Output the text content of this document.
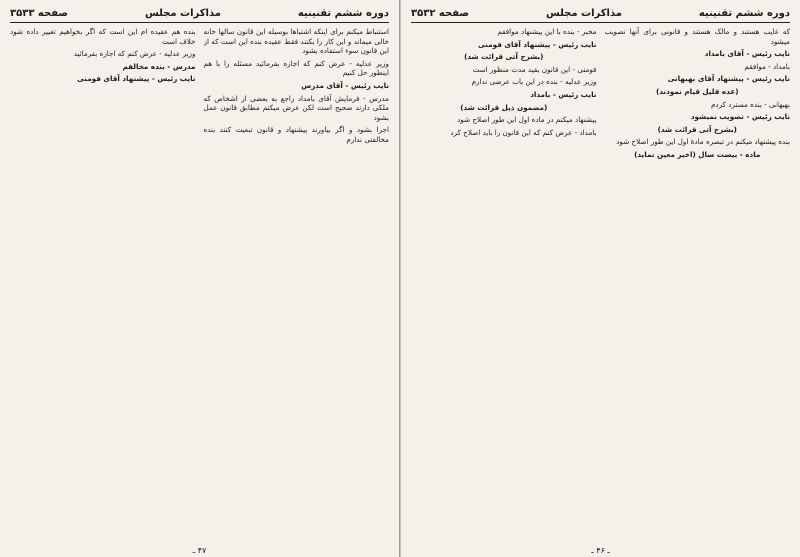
دوره ششم تقنینیه
مذاکرات مجلس
صفحه ۳۵۳۳

استنباط میکنم برای اینکه اشتباها بوسیله این قانون سالها خانه خالی میماند و این کار را بکنند فقط عقیده بنده این است که از این قانون سوء استفاده بشود

وزیر عدلیه - عرض کنم که اجازه بفرمائید مسئله را با هم اینطور حل کنیم

نایب رئیس - آقای مدرس

مدرس - فرمایش آقای بامداد راجع به بعضی از اشخاص که ملکی دارند صحیح است لکن عرض میکنم مطابق قانون عمل بشود

اجرا بشود و اگر بیاورند پیشنهاد و قانون تبعیت کنند بنده مخالفتی ندارم

بنده هم عقیده ام این است که اگر بخواهیم تغییر داده شود خلاف است

وزیر عدلیه - عرض کنم که اجازه بفرمائید

مدرس - بنده مخالفم

نایب رئیس - پیشنهاد آقای فومنی

۴۷ ـ
دوره ششم تقنینیه
مذاکرات مجلس
صفحه ۳۵۳۲

که غایب هستند و مالک هستند و قانونی برای آنها تصویب میشود

نایب رئیس - آقای بامداد

بامداد - موافقم

نایب رئیس - پیشنهاد آقای بهبهانی

(عده قلیل قیام نمودند)

بهبهانی - بنده مسترد کردم

نایب رئیس - تصویب نمیشود

(بشرح آتی قرائت شد)

بنده پیشنهاد میکنم در تبصره مادهٔ اول این طور اصلاح شود

ماده - بیست سال (اخیر معین نماید)

مخبر - بنده با این پیشنهاد موافقم

نایب رئیس - پیشنهاد آقای فومنی

(بشرح آتی قرائت شد)

فومنی - این قانون بقید مدت منظور است

وزیر عدلیه - بنده در این باب عرضی ندارم

نایب رئیس - بامداد

(مضمون ذیل قرائت شد)

پیشنهاد میکنم در ماده اول این طور اصلاح شود

بامداد - عرض کنم که این قانون را باید اصلاح کرد

ـ ۴۶ ـ
